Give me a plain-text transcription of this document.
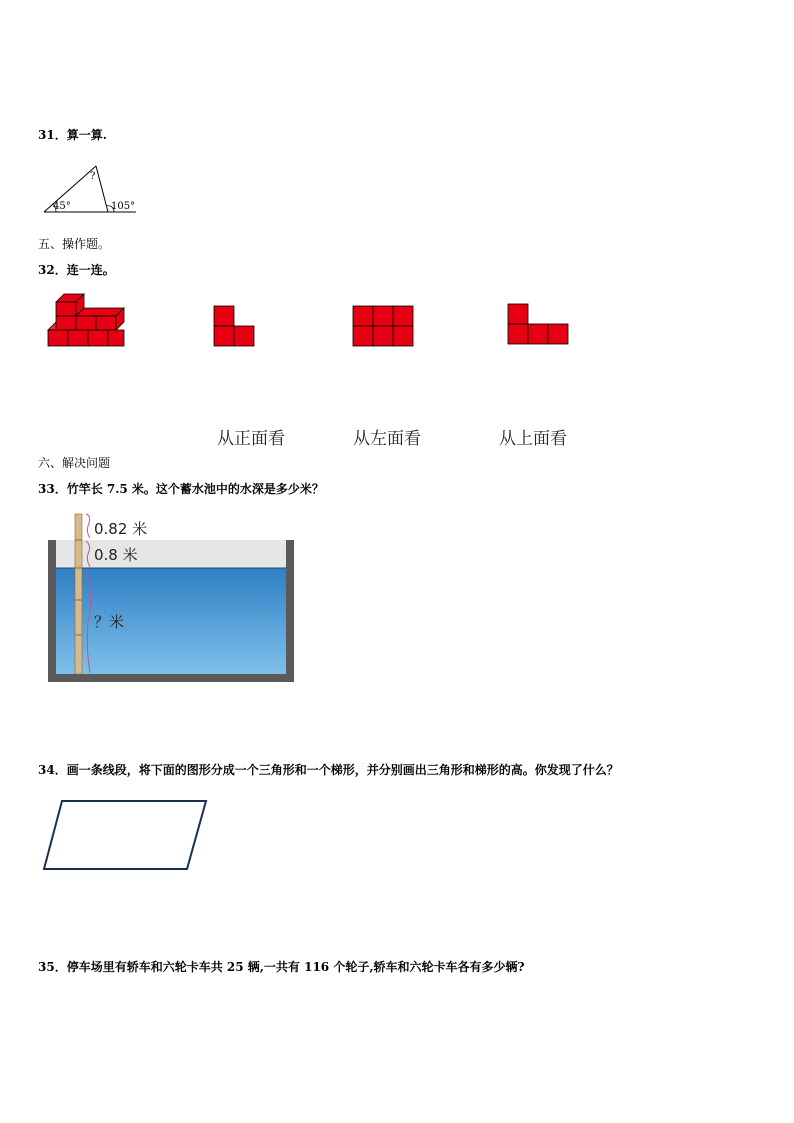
31．算一算.
?
45°	105°
五、操作题。
32．连一连。
从正面看	从左面看	从上面看
六、解决问题
33．竹竿长 7.5 米。这个蓄水池中的水深是多少米？
0.82 米
0.8 米
？米
34．画一条线段，将下面的图形分成一个三角形和一个梯形，并分别画出三角形和梯形的高。你发现了什么？
35．停车场里有轿车和六轮卡车共 25 辆,一共有 116 个轮子,轿车和六轮卡车各有多少辆?
